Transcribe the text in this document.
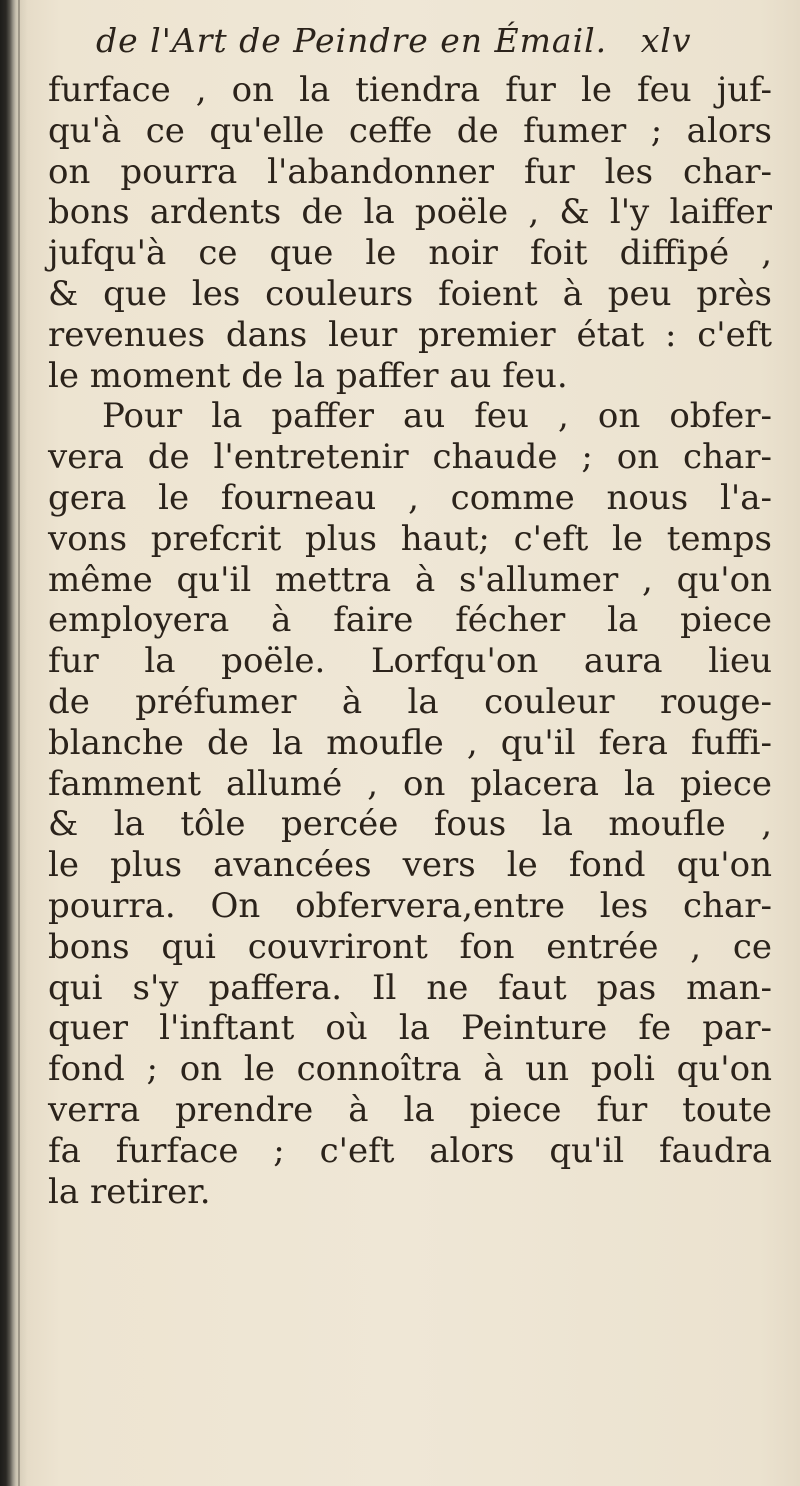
de l'Art de Peindre en Émail. xlv
furface , on la tiendra fur le feu juf-
qu'à ce qu'elle ceffe de fumer ; alors
on pourra l'abandonner fur les char-
bons ardents de la poële , & l'y laiffer
jufqu'à ce que le noir foit diffipé ,
& que les couleurs foient à peu près
revenues dans leur premier état : c'eft
le moment de la paffer au feu.
Pour la paffer au feu , on obfer-
vera de l'entretenir chaude ; on char-
gera le fourneau , comme nous l'a-
vons prefcrit plus haut; c'eft le temps
même qu'il mettra à s'allumer , qu'on
employera à faire fécher la piece
fur la poële. Lorfqu'on aura lieu
de préfumer à la couleur rouge-
blanche de la moufle , qu'il fera fuffi-
famment allumé , on placera la piece
& la tôle percée fous la moufle ,
le plus avancées vers le fond qu'on
pourra. On obfervera,entre les char-
bons qui couvriront fon entrée , ce
qui s'y paffera. Il ne faut pas man-
quer l'inftant où la Peinture fe par-
fond ; on le connoîtra à un poli qu'on
verra prendre à la piece fur toute
fa furface ; c'eft alors qu'il faudra
la retirer.
